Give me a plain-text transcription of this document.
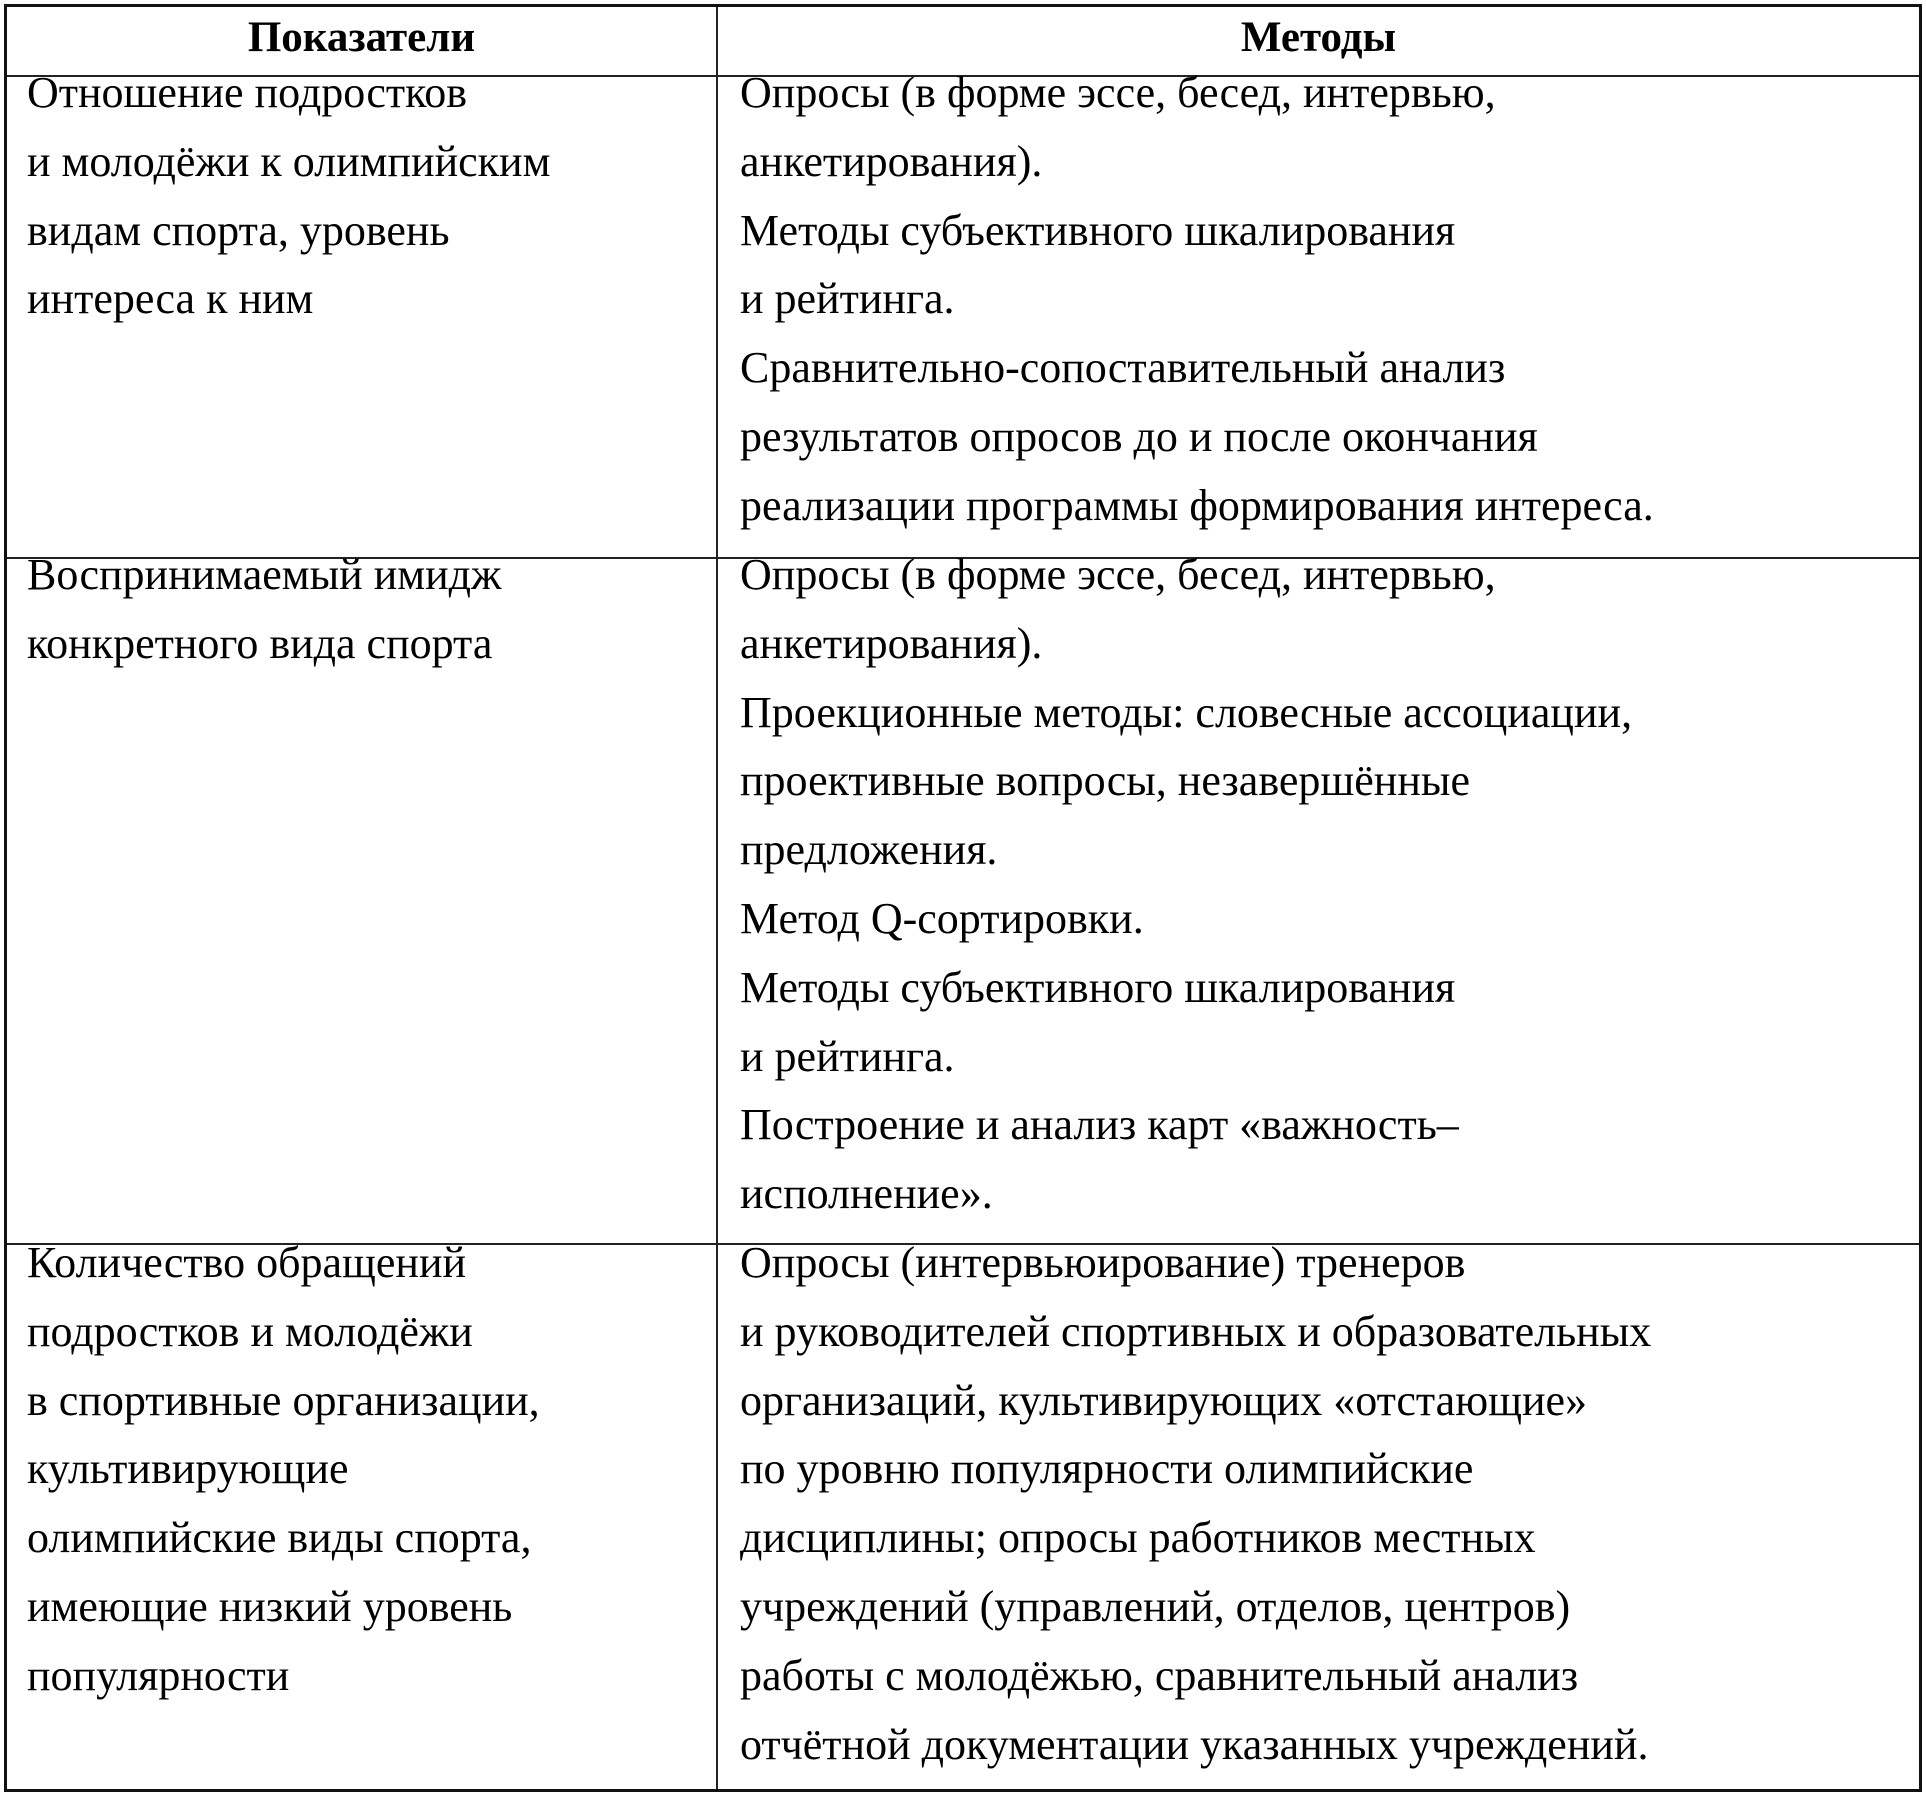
Показатели	Методы
Отношение подростков
и молодёжи к олимпийским
видам спорта, уровень
интереса к ним
Опросы (в форме эссе, бесед, интервью,
анкетирования).
Методы субъективного шкалирования
и рейтинга.
Сравнительно-сопоставительный анализ
результатов опросов до и после окончания
реализации программы формирования интереса.
Воспринимаемый имидж
конкретного вида спорта
Опросы (в форме эссе, бесед, интервью,
анкетирования).
Проекционные методы: словесные ассоциации,
проективные вопросы, незавершённые
предложения.
Метод Q-сортировки.
Методы субъективного шкалирования
и рейтинга.
Построение и анализ карт «важность–
исполнение».
Количество обращений
подростков и молодёжи
в спортивные организации,
культивирующие
олимпийские виды спорта,
имеющие низкий уровень
популярности
Опросы (интервьюирование) тренеров
и руководителей спортивных и образовательных
организаций, культивирующих «отстающие»
по уровню популярности олимпийские
дисциплины; опросы работников местных
учреждений (управлений, отделов, центров)
работы с молодёжью, сравнительный анализ
отчётной документации указанных учреждений.
